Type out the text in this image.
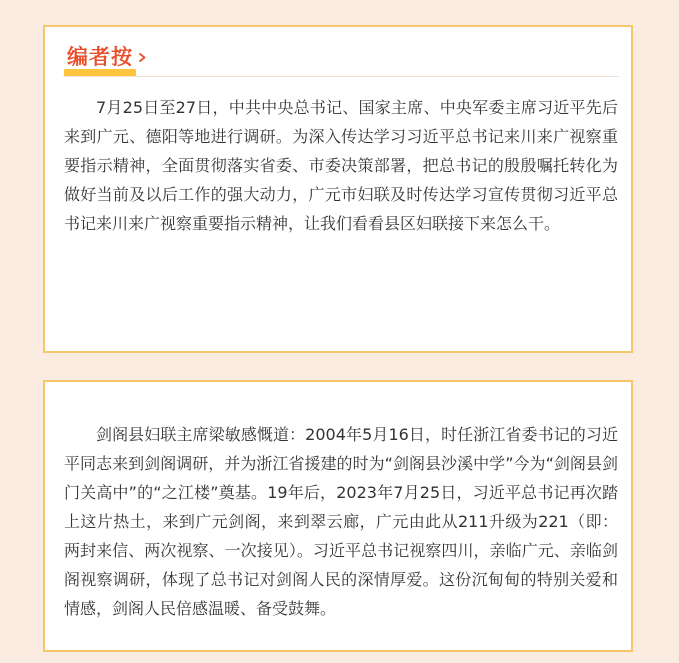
编者按

7月25日至27日，中共中央总书记、国家主席、中央军委主席习近平先后来到广元、德阳等地进行调研。为深入传达学习习近平总书记来川来广视察重要指示精神，全面贯彻落实省委、市委决策部署，把总书记的殷殷嘱托转化为做好当前及以后工作的强大动力，广元市妇联及时传达学习宣传贯彻习近平总书记来川来广视察重要指示精神，让我们看看县区妇联接下来怎么干。

剑阁县妇联主席梁敏感慨道：2004年5月16日，时任浙江省委书记的习近平同志来到剑阁调研，并为浙江省援建的时为“剑阁县沙溪中学”今为“剑阁县剑门关高中”的“之江楼”奠基。19年后，2023年7月25日，习近平总书记再次踏上这片热土，来到广元剑阁，来到翠云廊，广元由此从211升级为221（即：两封来信、两次视察、一次接见）。习近平总书记视察四川，亲临广元、亲临剑阁视察调研，体现了总书记对剑阁人民的深情厚爱。这份沉甸甸的特别关爱和情感，剑阁人民倍感温暖、备受鼓舞。
